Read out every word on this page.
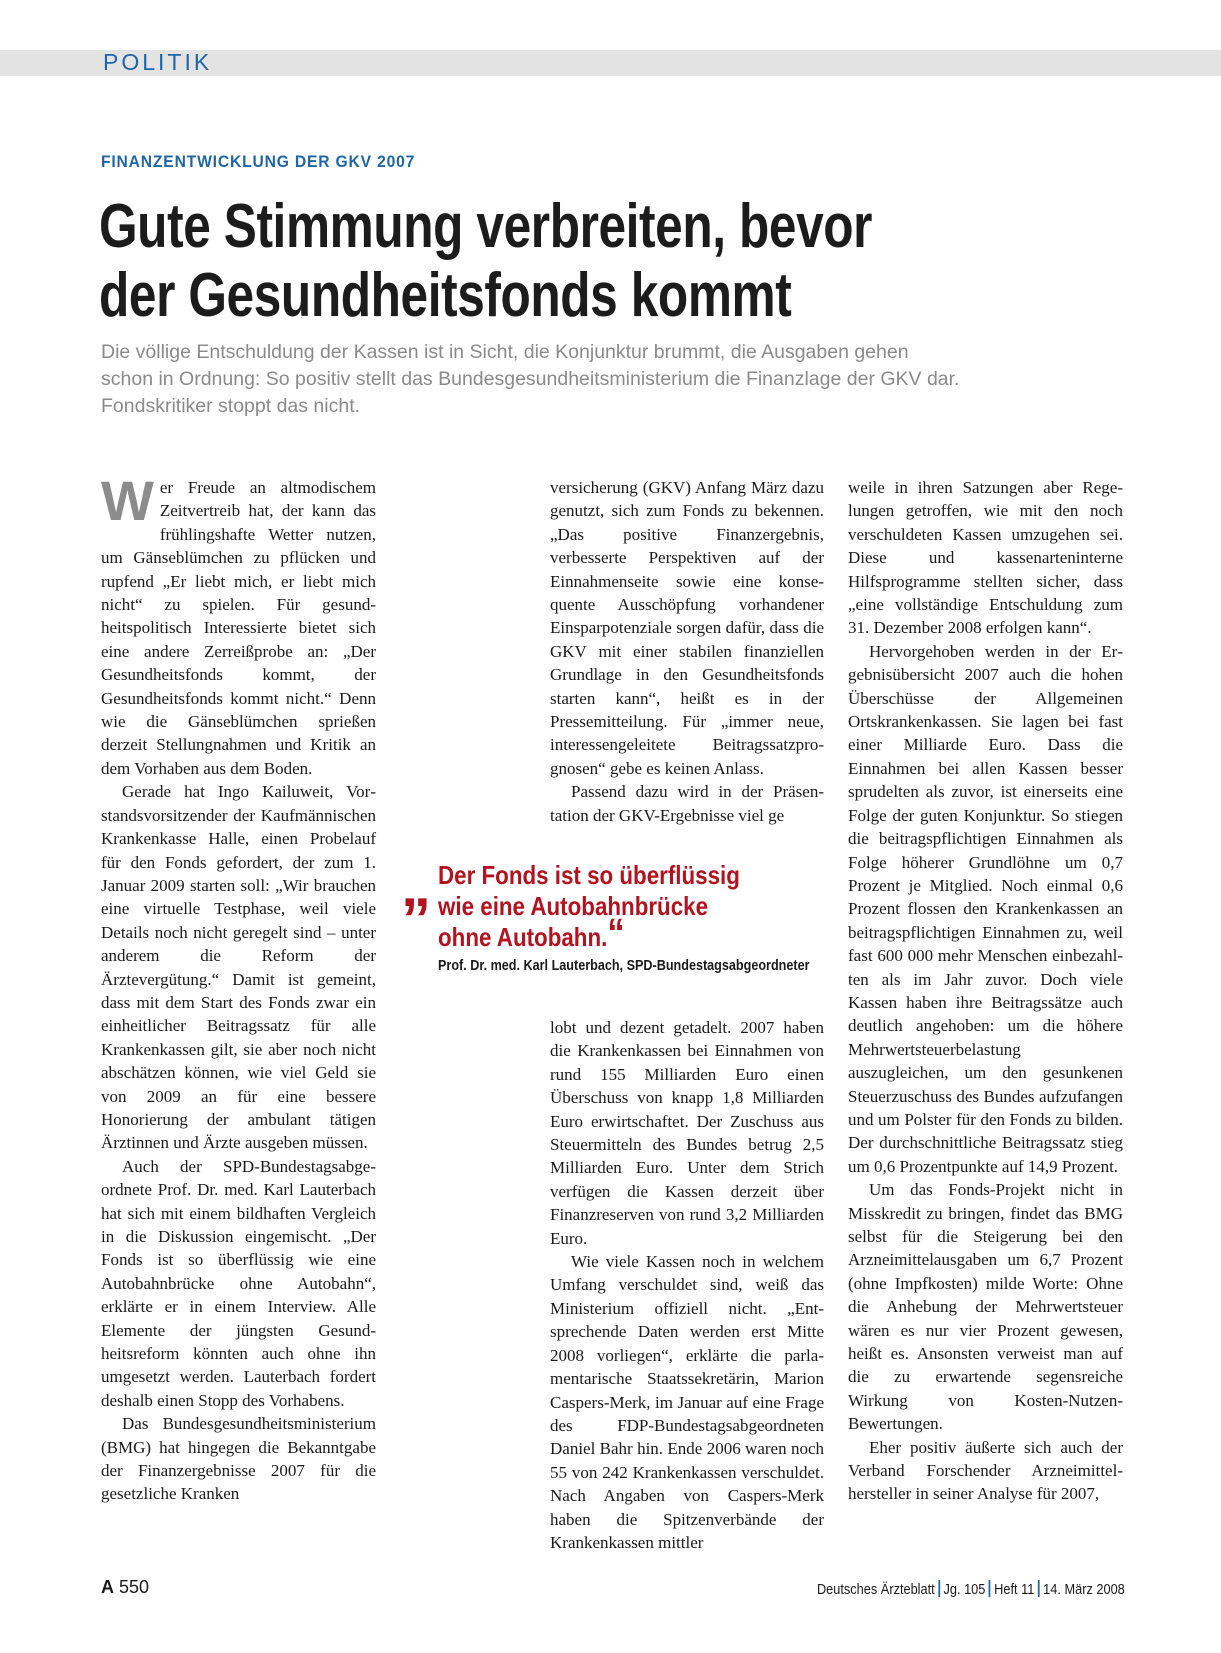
POLITIK
FINANZENTWICKLUNG DER GKV 2007
Gute Stimmung verbreiten, bevor
der Gesundheitsfonds kommt
Die völlige Entschuldung der Kassen ist in Sicht, die Konjunktur brummt, die Ausgaben gehen schon in Ordnung: So positiv stellt das Bundesgesundheitsministerium die Finanzlage der GKV dar. Fondskritiker stoppt das nicht.

Wer Freude an altmodischem Zeitvertreib hat, der kann das frühlingshafte Wetter nutzen, um Gänseblümchen zu pflücken und rupfend „Er liebt mich, er liebt mich nicht“ zu spielen. Für gesundheitspolitisch Interessierte bietet sich eine andere Zerreißprobe an: „Der Gesundheitsfonds kommt, der Gesundheitsfonds kommt nicht.“ Denn wie die Gänseblümchen sprießen derzeit Stellungnahmen und Kritik an dem Vorhaben aus dem Boden.

Gerade hat Ingo Kailuweit, Vorstandsvorsitzender der Kaufmännischen Krankenkasse Halle, einen Probelauf für den Fonds gefordert, der zum 1. Januar 2009 starten soll: „Wir brauchen eine virtuelle Testphase, weil viele Details noch nicht geregelt sind – unter anderem die Reform der Ärztevergütung.“ Damit ist gemeint, dass mit dem Start des Fonds zwar ein einheitlicher Beitragssatz für alle Krankenkassen gilt, sie aber noch nicht abschätzen können, wie viel Geld sie von 2009 an für eine bessere Honorierung der ambulant tätigen Ärztinnen und Ärzte ausgeben müssen.

Auch der SPD-Bundestagsabgeordnete Prof. Dr. med. Karl Lauterbach hat sich mit einem bildhaften Vergleich in die Diskussion eingemischt. „Der Fonds ist so überflüssig wie eine Autobahnbrücke ohne Autobahn“, erklärte er in einem Interview. Alle Elemente der jüngsten Gesundheitsreform könnten auch ohne ihn umgesetzt werden. Lauterbach fordert deshalb einen Stopp des Vorhabens.

Das Bundesgesundheitsministerium (BMG) hat hingegen die Bekanntgabe der Finanzergebnisse 2007 für die gesetzliche Kranken

versicherung (GKV) Anfang März dazu genutzt, sich zum Fonds zu bekennen. „Das positive Finanzergebnis, verbesserte Perspektiven auf der Einnahmenseite sowie eine konsequente Ausschöpfung vorhandener Einsparpotenziale sorgen dafür, dass die GKV mit einer stabilen finanziellen Grundlage in den Gesundheitsfonds starten kann“, heißt es in der Pressemitteilung. Für „immer neue, interessengeleitete Beitragssatzprognosen“ gebe es keinen Anlass.

Passend dazu wird in der Präsentation der GKV-Ergebnisse viel ge

„ Der Fonds ist so überflüssig
wie eine Autobahnbrücke
ohne Autobahn.“
Prof. Dr. med. Karl Lauterbach, SPD-Bundestagsabgeordneter

lobt und dezent getadelt. 2007 haben die Krankenkassen bei Einnahmen von rund 155 Milliarden Euro einen Überschuss von knapp 1,8 Milliarden Euro erwirtschaftet. Der Zuschuss aus Steuermitteln des Bundes betrug 2,5 Milliarden Euro. Unter dem Strich verfügen die Kassen derzeit über Finanzreserven von rund 3,2 Milliarden Euro.

Wie viele Kassen noch in welchem Umfang verschuldet sind, weiß das Ministerium offiziell nicht. „Entsprechende Daten werden erst Mitte 2008 vorliegen“, erklärte die parlamentarische Staatssekretärin, Marion Caspers-Merk, im Januar auf eine Frage des FDP-Bundestagsabgeordneten Daniel Bahr hin. Ende 2006 waren noch 55 von 242 Krankenkassen verschuldet. Nach Angaben von Caspers-Merk haben die Spitzenverbände der Krankenkassen mittler

weile in ihren Satzungen aber Regelungen getroffen, wie mit den noch verschuldeten Kassen umzugehen sei. Diese und kassenarteninterne Hilfsprogramme stellten sicher, dass „eine vollständige Entschuldung zum 31. Dezember 2008 erfolgen kann“.

Hervorgehoben werden in der Ergebnisübersicht 2007 auch die hohen Überschüsse der Allgemeinen Ortskrankenkassen. Sie lagen bei fast einer Milliarde Euro. Dass die Einnahmen bei allen Kassen besser sprudelten als zuvor, ist einerseits eine Folge der guten Konjunktur. So stiegen die beitragspflichtigen Einnahmen als Folge höherer Grundlöhne um 0,7 Prozent je Mitglied. Noch einmal 0,6 Prozent flossen den Krankenkassen an beitragspflichtigen Einnahmen zu, weil fast 600 000 mehr Menschen einbezahlten als im Jahr zuvor. Doch viele Kassen haben ihre Beitragssätze auch deutlich angehoben: um die höhere Mehrwertsteuerbelastung auszugleichen, um den gesunkenen Steuerzuschuss des Bundes aufzufangen und um Polster für den Fonds zu bilden. Der durchschnittliche Beitragssatz stieg um 0,6 Prozentpunkte auf 14,9 Prozent.

Um das Fonds-Projekt nicht in Misskredit zu bringen, findet das BMG selbst für die Steigerung bei den Arzneimittelausgaben um 6,7 Prozent (ohne Impfkosten) milde Worte: Ohne die Anhebung der Mehrwertsteuer wären es nur vier Prozent gewesen, heißt es. Ansonsten verweist man auf die zu erwartende segensreiche Wirkung von Kosten-Nutzen-Bewertungen.

Eher positiv äußerte sich auch der Verband Forschender Arzneimittelhersteller in seiner Analyse für 2007,

A 550	Deutsches Ärzteblatt Jg. 105 Heft 11 14. März 2008
